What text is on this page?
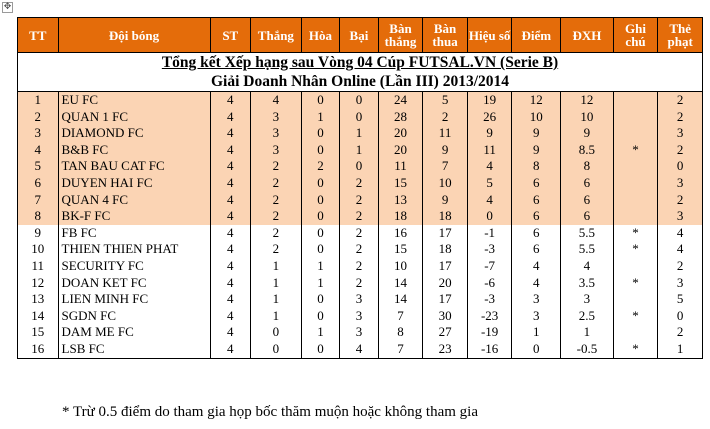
✥
Tổng kết Xếp hạng sau Vòng 04 Cúp FUTSAL.VN (Serie B)
Giải Doanh Nhân Online (Lần III) 2013/2014												

TT	Đội bóng	ST	Thắng	Hòa	Bại	Bàn thắng	Bàn thua	Hiệu số	Điểm	ĐXH	Ghi chú	Thẻ phạt
1	EU FC	4	4	0	0	24	5	19	12	12		2
2	QUAN 1 FC	4	3	1	0	28	2	26	10	10		2
3	DIAMOND FC	4	3	0	1	20	11	9	9	9		3
4	B&B FC	4	3	0	1	20	9	11	9	8.5	*	2
5	TAN BAU CAT FC	4	2	2	0	11	7	4	8	8		0
6	DUYEN HAI FC	4	2	0	2	15	10	5	6	6		3
7	QUAN 4 FC	4	2	0	2	13	9	4	6	6		2
8	BK-F FC	4	2	0	2	18	18	0	6	6		3
9	FB FC	4	2	0	2	16	17	-1	6	5.5	*	4
10	THIEN THIEN PHAT	4	2	0	2	15	18	-3	6	5.5	*	4
11	SECURITY FC	4	1	1	2	10	17	-7	4	4		2
12	DOAN KET FC	4	1	1	2	14	20	-6	4	3.5	*	3
13	LIEN MINH FC	4	1	0	3	14	17	-3	3	3		5
14	SGDN FC	4	1	0	3	7	30	-23	3	2.5	*	0
15	DAM ME FC	4	0	1	3	8	27	-19	1	1		2
16	LSB FC	4	0	0	4	7	23	-16	0	-0.5	*	1
* Trừ 0.5 điểm do tham gia họp bốc thăm muộn hoặc không tham gia
